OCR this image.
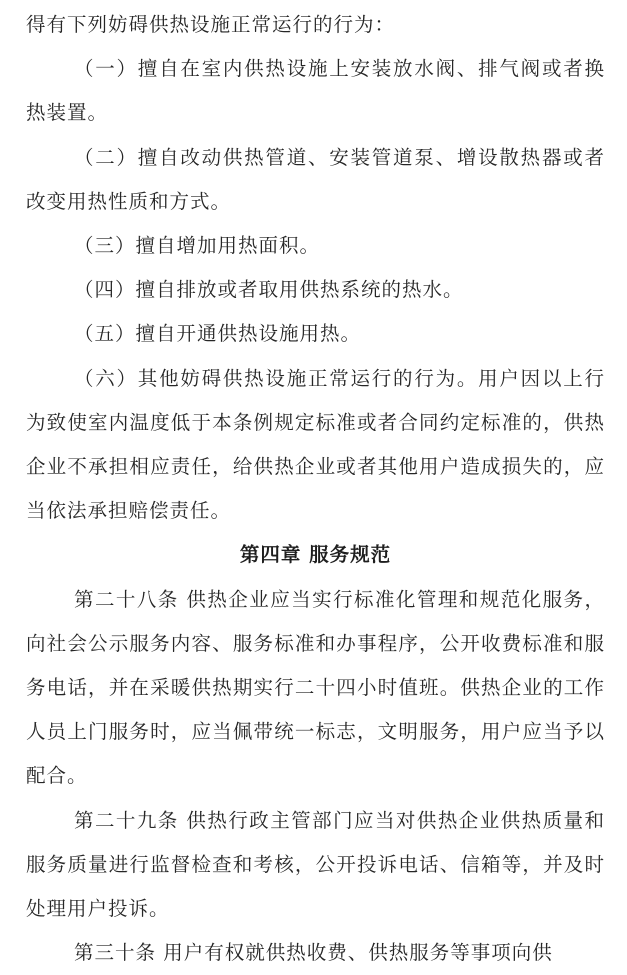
得有下列妨碍供热设施正常运行的行为：

（一）擅自在室内供热设施上安装放水阀、排气阀或者换热装置。

（二）擅自改动供热管道、安装管道泵、增设散热器或者改变用热性质和方式。

（三）擅自增加用热面积。

（四）擅自排放或者取用供热系统的热水。

（五）擅自开通供热设施用热。

（六）其他妨碍供热设施正常运行的行为。用户因以上行为致使室内温度低于本条例规定标准或者合同约定标准的，供热企业不承担相应责任，给供热企业或者其他用户造成损失的，应当依法承担赔偿责任。

第四章 服务规范

第二十八条 供热企业应当实行标准化管理和规范化服务，向社会公示服务内容、服务标准和办事程序，公开收费标准和服务电话，并在采暖供热期实行二十四小时值班。供热企业的工作人员上门服务时，应当佩带统一标志，文明服务，用户应当予以配合。

第二十九条 供热行政主管部门应当对供热企业供热质量和服务质量进行监督检查和考核，公开投诉电话、信箱等，并及时处理用户投诉。

第三十条 用户有权就供热收费、供热服务等事项向供
